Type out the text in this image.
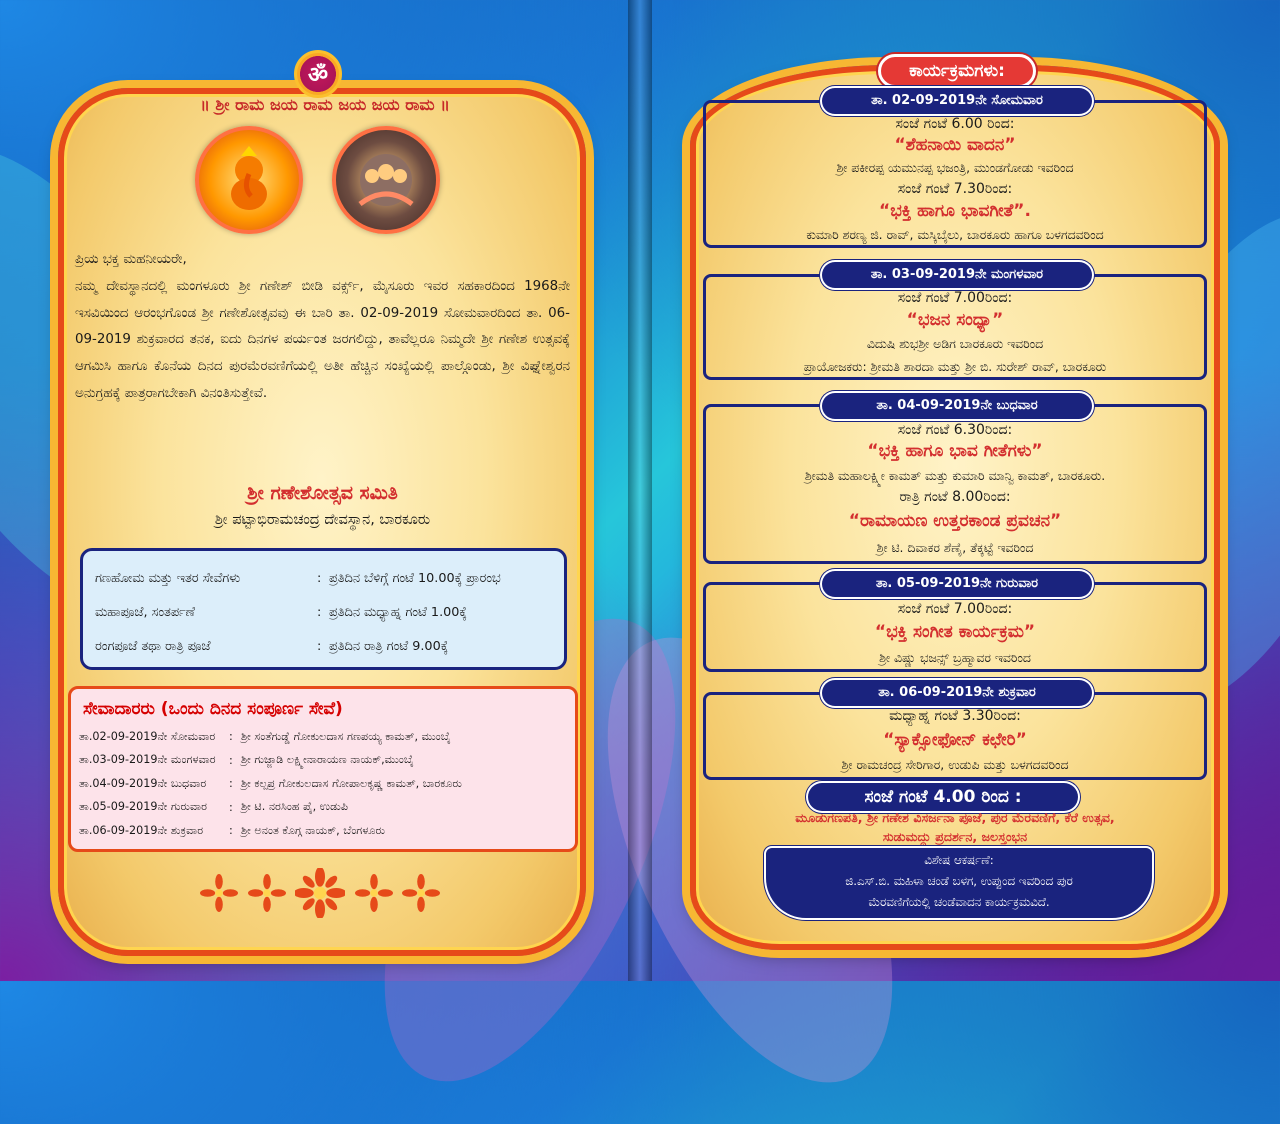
ॐ
॥ ಶ್ರೀ ರಾಮ ಜಯ ರಾಮ ಜಯ ಜಯ ರಾಮ ॥

ಪ್ರಿಯ ಭಕ್ತ ಮಹನೀಯರೇ,

ನಮ್ಮ ದೇವಸ್ಥಾನದಲ್ಲಿ ಮಂಗಳೂರು ಶ್ರೀ ಗಣೇಶ್ ಬೀಡಿ ವರ್ಕ್ಸ್, ಮೈಸೂರು ಇವರ ಸಹಕಾರದಿಂದ 1968ನೇ ಇಸವಿಯಿಂದ ಆರಂಭಗೊಂಡ ಶ್ರೀ ಗಣೇಶೋತ್ಸವವು ಈ ಬಾರಿ ತಾ. 02-09-2019 ಸೋಮವಾರದಿಂದ ತಾ. 06-09-2019 ಶುಕ್ರವಾರದ ತನಕ, ಐದು ದಿನಗಳ ಪರ್ಯಂತ ಜರಗಲಿದ್ದು, ತಾವೆಲ್ಲರೂ ನಿಮ್ಮದೇ ಶ್ರೀ ಗಣೇಶ ಉತ್ಸವಕ್ಕೆ ಆಗಮಿಸಿ ಹಾಗೂ ಕೊನೆಯ ದಿನದ ಪುರಮೆರವಣಿಗೆಯಲ್ಲಿ ಅತೀ ಹೆಚ್ಚಿನ ಸಂಖ್ಯೆಯಲ್ಲಿ ಪಾಲ್ಗೊಂಡು, ಶ್ರೀ ವಿಘ್ನೇಶ್ವರನ ಅನುಗ್ರಹಕ್ಕೆ ಪಾತ್ರರಾಗಬೇಕಾಗಿ ವಿನಂತಿಸುತ್ತೇವೆ.

ಶ್ರೀ ಗಣೇಶೋತ್ಸವ ಸಮಿತಿ
ಶ್ರೀ ಪಟ್ಟಾಭಿರಾಮಚಂದ್ರ ದೇವಸ್ಥಾನ, ಬಾರಕೂರು
ಗಣಹೋಮ ಮತ್ತು ಇತರ ಸೇವೆಗಳು	: ಪ್ರತಿದಿನ ಬೆಳಿಗ್ಗೆ ಗಂಟೆ 10.00ಕ್ಕೆ ಪ್ರಾರಂಭ
ಮಹಾಪೂಜೆ, ಸಂತರ್ಪಣೆ	: ಪ್ರತಿದಿನ ಮಧ್ಯಾಹ್ನ ಗಂಟೆ 1.00ಕ್ಕೆ
ರಂಗಪೂಜೆ ತಥಾ ರಾತ್ರಿ ಪೂಜೆ	: ಪ್ರತಿದಿನ ರಾತ್ರಿ ಗಂಟೆ 9.00ಕ್ಕೆ
ಸೇವಾದಾರರು (ಒಂದು ದಿನದ ಸಂಪೂರ್ಣ ಸೇವೆ)
ತಾ.02-09-2019ನೇ ಸೋಮವಾರ	: ಶ್ರೀ ಸಂತೆಗುಡ್ಡೆ ಗೋಕುಲದಾಸ ಗಣಪಯ್ಯ ಕಾಮತ್, ಮುಂಬೈ
ತಾ.03-09-2019ನೇ ಮಂಗಳವಾರ	: ಶ್ರೀ ಗುಜ್ಜಾಡಿ ಲಕ್ಷ್ಮೀನಾರಾಯಣ ನಾಯಕ್,ಮುಂಬೈ
ತಾ.04-09-2019ನೇ ಬುಧವಾರ	: ಶ್ರೀ ಕಲ್ಪಪ್ರ ಗೋಕುಲದಾಸ ಗೋಪಾಲಕೃಷ್ಣ ಕಾಮತ್, ಬಾರಕೂರು
ತಾ.05-09-2019ನೇ ಗುರುವಾರ	: ಶ್ರೀ ಟಿ. ನರಸಿಂಹ ಪೈ, ಉಡುಪಿ
ತಾ.06-09-2019ನೇ ಶುಕ್ರವಾರ	: ಶ್ರೀ ಅನಂತ ಕೊಗ್ಗ ನಾಯಕ್, ಬೆಂಗಳೂರು
ಕಾರ್ಯಕ್ರಮಗಳು:
ತಾ. 02-09-2019ನೇ ಸೋಮವಾರ
ಸಂಜೆ ಗಂಟೆ 6.00 ರಿಂದ:
“ಶೆಹನಾಯಿ ವಾದನ”
ಶ್ರೀ ಪಕೀರಪ್ಪ ಯಮುನಪ್ಪ ಭಜಂತ್ರಿ, ಮುಂಡಗೋಡು ಇವರಿಂದ
ಸಂಜೆ ಗಂಟೆ 7.30ರಿಂದ:
“ಭಕ್ತಿ ಹಾಗೂ ಭಾವಗೀತೆ”.
ಕುಮಾರಿ ಶರಣ್ಯ ಜಿ. ರಾವ್, ಮಸ್ಕಿಬೈಲು, ಬಾರಕೂರು ಹಾಗೂ ಬಳಗದವರಿಂದ
ತಾ. 03-09-2019ನೇ ಮಂಗಳವಾರ
ಸಂಜೆ ಗಂಟೆ 7.00ರಿಂದ:
“ಭಜನ ಸಂಧ್ಯಾ”
ವಿದುಷಿ ಶುಭಶ್ರೀ ಅಡಿಗ ಬಾರಕೂರು ಇವರಿಂದ
ಪ್ರಾಯೋಜಕರು: ಶ್ರೀಮತಿ ಶಾರದಾ ಮತ್ತು ಶ್ರೀ ಬಿ. ಸುರೇಶ್ ರಾವ್, ಬಾರಕೂರು
ತಾ. 04-09-2019ನೇ ಬುಧವಾರ
ಸಂಜೆ ಗಂಟೆ 6.30ರಿಂದ:
“ಭಕ್ತಿ ಹಾಗೂ ಭಾವ ಗೀತೆಗಳು”
ಶ್ರೀಮತಿ ಮಹಾಲಕ್ಷ್ಮೀ ಕಾಮತ್ ಮತ್ತು ಕುಮಾರಿ ಮಾನ್ವಿ ಕಾಮತ್, ಬಾರಕೂರು.
ರಾತ್ರಿ ಗಂಟೆ 8.00ರಿಂದ:
“ರಾಮಾಯಣ ಉತ್ತರಕಾಂಡ ಪ್ರವಚನ”
ಶ್ರೀ ಟಿ. ದಿವಾಕರ ಶೆಣೈ, ತೆಕ್ಕಟ್ಟೆ ಇವರಿಂದ
ತಾ. 05-09-2019ನೇ ಗುರುವಾರ
ಸಂಜೆ ಗಂಟೆ 7.00ರಿಂದ:
“ಭಕ್ತಿ ಸಂಗೀತ ಕಾರ್ಯಕ್ರಮ”
ಶ್ರೀ ವಿಷ್ಣು ಭಜನ್ಸ್ ಬ್ರಹ್ಮಾವರ ಇವರಿಂದ
ತಾ. 06-09-2019ನೇ ಶುಕ್ರವಾರ
ಮಧ್ಯಾಹ್ನ ಗಂಟೆ 3.30ರಿಂದ:
“ಸ್ಯಾಕ್ಸೋಫೋನ್ ಕಛೇರಿ”
ಶ್ರೀ ರಾಮಚಂದ್ರ ಸೇರಿಗಾರ, ಉಡುಪಿ ಮತ್ತು ಬಳಗದವರಿಂದ
ಸಂಜೆ ಗಂಟೆ 4.00 ರಿಂದ :
ಮೂಡುಗಣಪತಿ, ಶ್ರೀ ಗಣೇಶ ವಿಸರ್ಜನಾ ಪೂಜೆ, ಪುರ ಮೆರವಣಿಗೆ, ಕೆರೆ ಉತ್ಸವ,
ಸುಡುಮದ್ದು ಪ್ರದರ್ಶನ, ಜಲಸ್ತಂಭನ
ವಿಶೇಷ ಆಕರ್ಷಣೆ:
ಜಿ.ಎಸ್.ಬಿ. ಮಹಿಳಾ ಚಂಡೆ ಬಳಗ, ಉಪ್ಪುಂದ ಇವರಿಂದ ಪುರ
ಮೆರವಣಿಗೆಯಲ್ಲಿ ಚಂಡೆವಾದನ ಕಾರ್ಯಕ್ರಮವಿದೆ.
